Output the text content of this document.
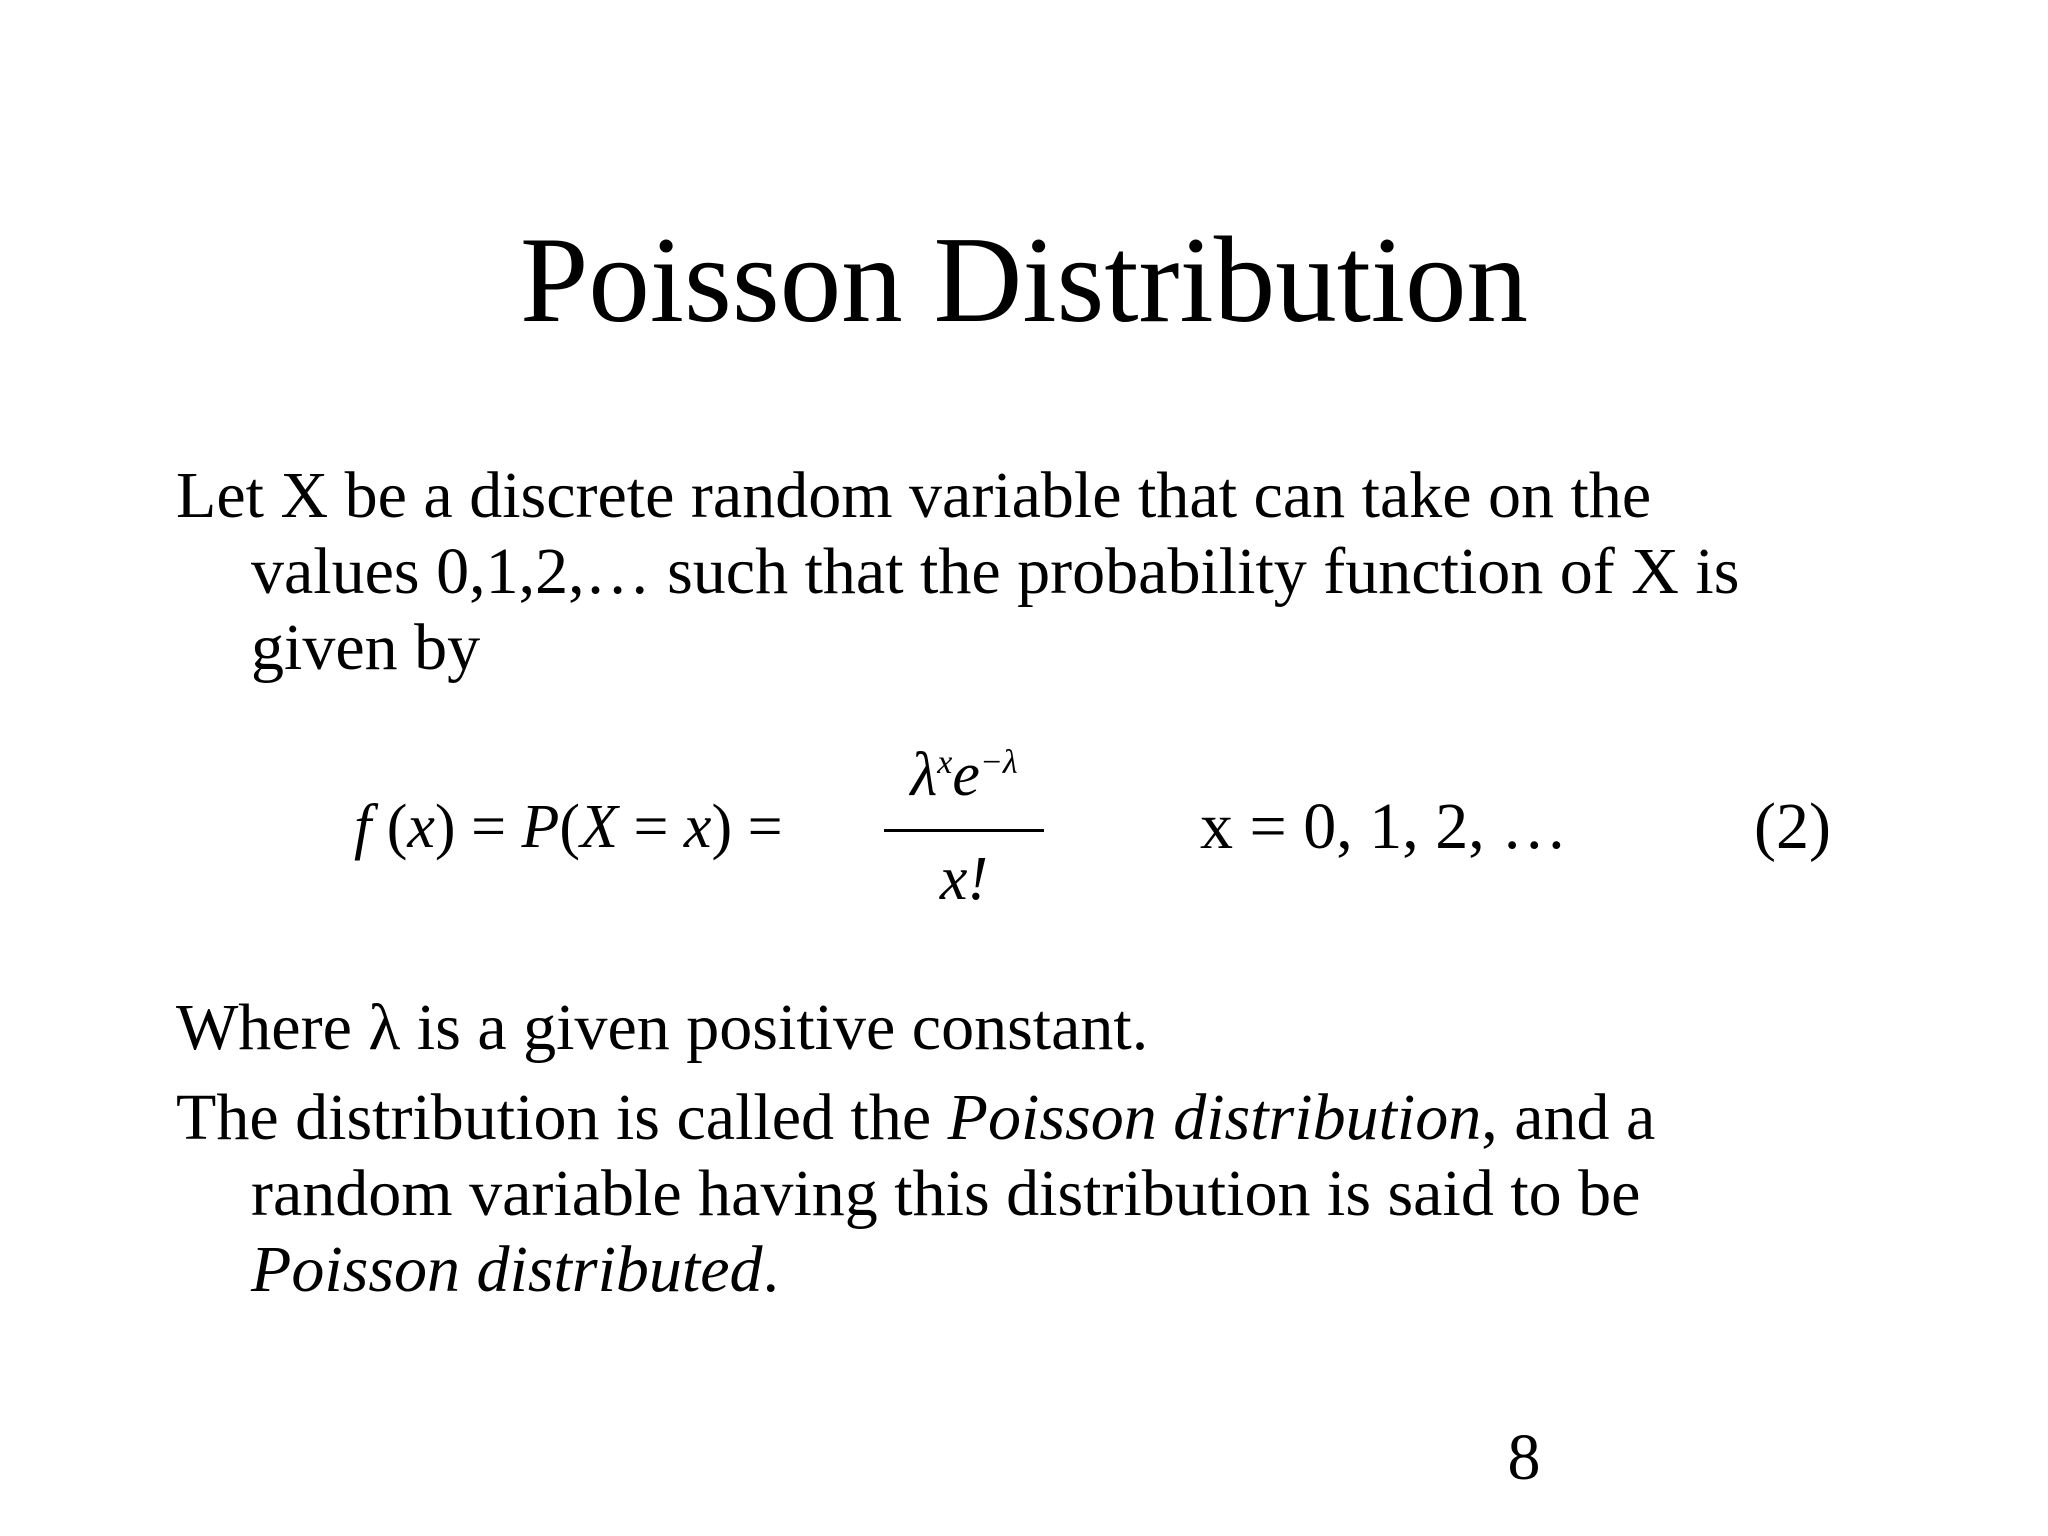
Poisson Distribution
Let X be a discrete random variable that can take on the
values 0,1,2,… such that the probability function of X is
given by
f (x) = P(X = x) =
$\lambda^xe^{-\lambda}$
x!
x = 0, 1, 2, …	(2)
Where λ is a given positive constant.
The distribution is called the Poisson distribution, and a
random variable having this distribution is said to be
Poisson distributed.
8
